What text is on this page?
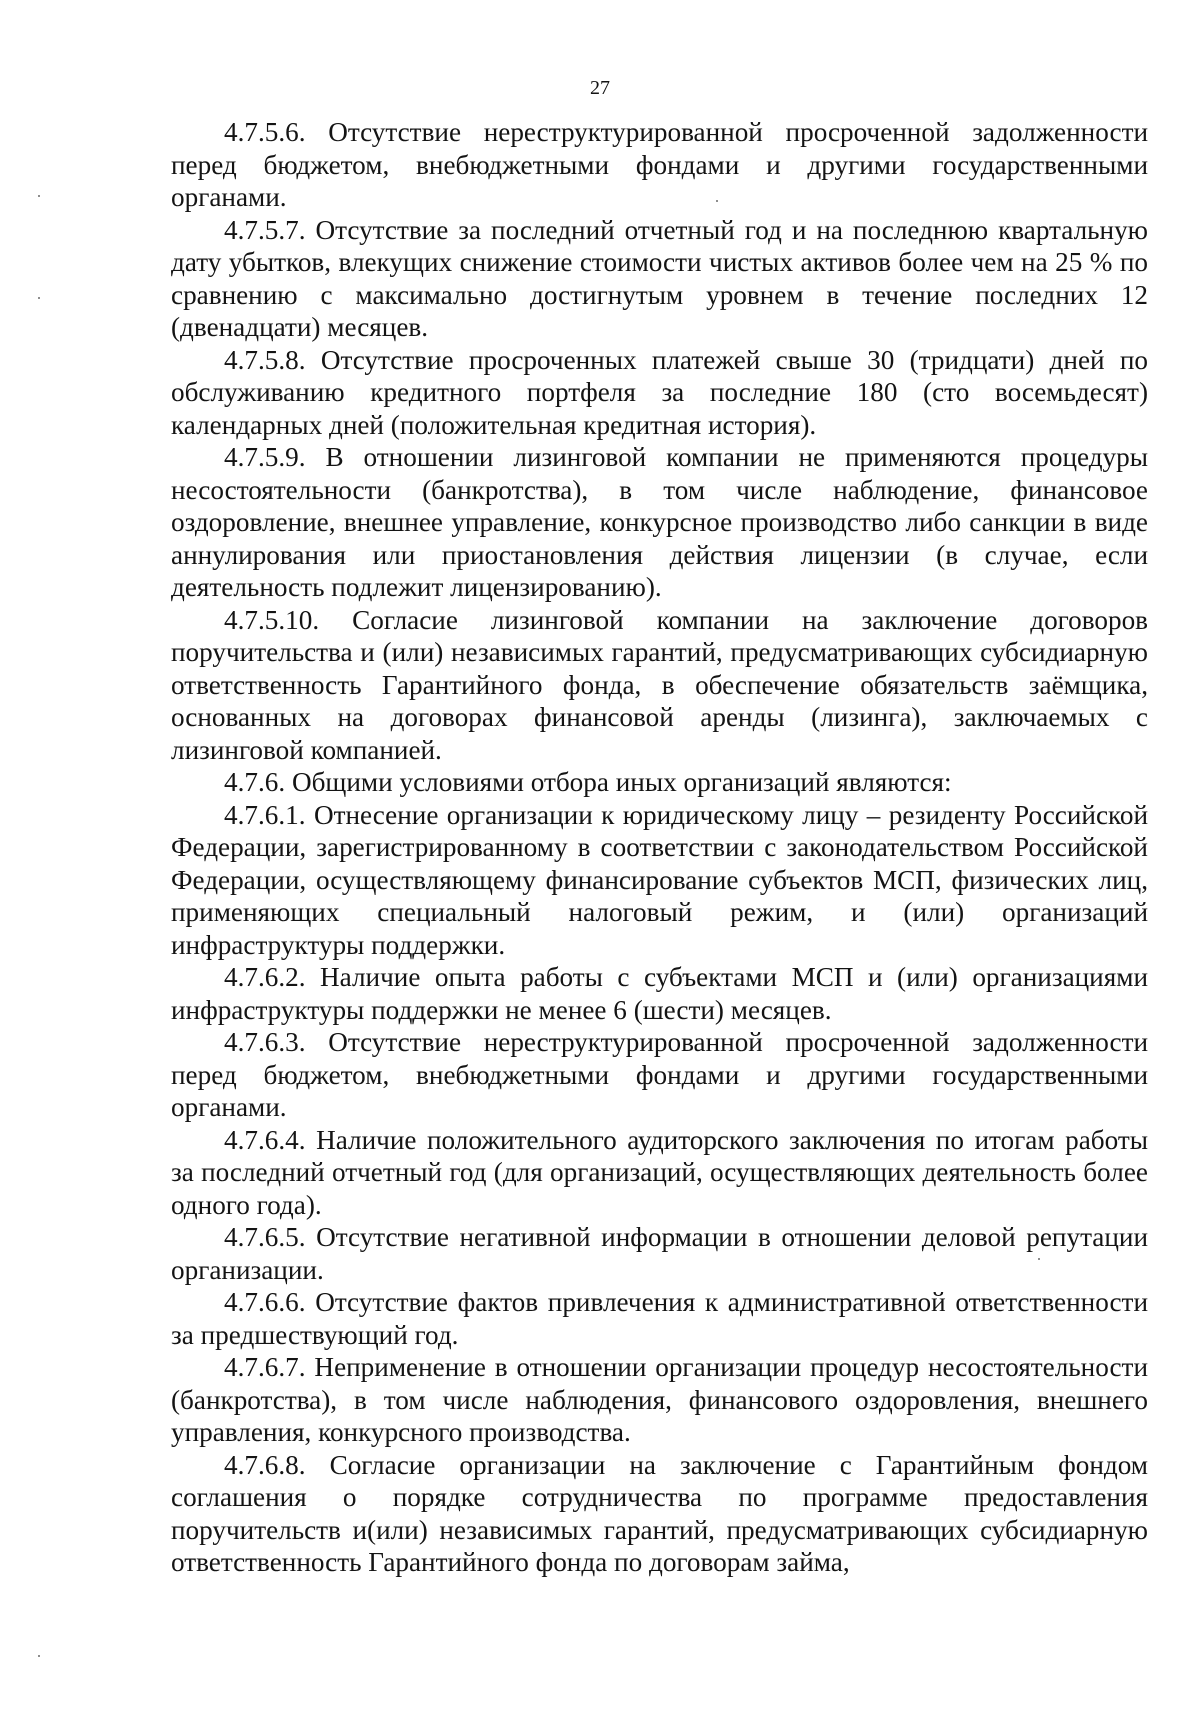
27

4.7.5.6. Отсутствие нереструктурированной просроченной задолженности перед бюджетом, внебюджетными фондами и другими государственными органами.

4.7.5.7. Отсутствие за последний отчетный год и на последнюю квартальную дату убытков, влекущих снижение стоимости чистых активов более чем на 25 % по сравнению с максимально достигнутым уровнем в течение последних 12 (двенадцати) месяцев.

4.7.5.8. Отсутствие просроченных платежей свыше 30 (тридцати) дней по обслуживанию кредитного портфеля за последние 180 (сто восемьдесят) календарных дней (положительная кредитная история).

4.7.5.9. В отношении лизинговой компании не применяются процедуры несостоятельности (банкротства), в том числе наблюдение, финансовое оздоровление, внешнее управление, конкурсное производство либо санкции в виде аннулирования или приостановления действия лицензии (в случае, если деятельность подлежит лицензированию).

4.7.5.10. Согласие лизинговой компании на заключение договоров поручительства и (или) независимых гарантий, предусматривающих субсидиарную ответственность Гарантийного фонда, в обеспечение обязательств заёмщика, основанных на договорах финансовой аренды (лизинга), заключаемых с лизинговой компанией.

4.7.6. Общими условиями отбора иных организаций являются:

4.7.6.1. Отнесение организации к юридическому лицу – резиденту Российской Федерации, зарегистрированному в соответствии с законодательством Российской Федерации, осуществляющему финансирование субъектов МСП, физических лиц, применяющих специальный налоговый режим, и (или) организаций инфраструктуры поддержки.

4.7.6.2. Наличие опыта работы с субъектами МСП и (или) организациями инфраструктуры поддержки не менее 6 (шести) месяцев.

4.7.6.3. Отсутствие нереструктурированной просроченной задолженности перед бюджетом, внебюджетными фондами и другими государственными органами.

4.7.6.4. Наличие положительного аудиторского заключения по итогам работы за последний отчетный год (для организаций, осуществляющих деятельность более одного года).

4.7.6.5. Отсутствие негативной информации в отношении деловой репутации организации.

4.7.6.6. Отсутствие фактов привлечения к административной ответственности за предшествующий год.

4.7.6.7. Неприменение в отношении организации процедур несостоятельности (банкротства), в том числе наблюдения, финансового оздоровления, внешнего управления, конкурсного производства.

4.7.6.8. Согласие организации на заключение с Гарантийным фондом соглашения о порядке сотрудничества по программе предоставления поручительств и(или) независимых гарантий, предусматривающих субсидиарную ответственность Гарантийного фонда по договорам займа,
